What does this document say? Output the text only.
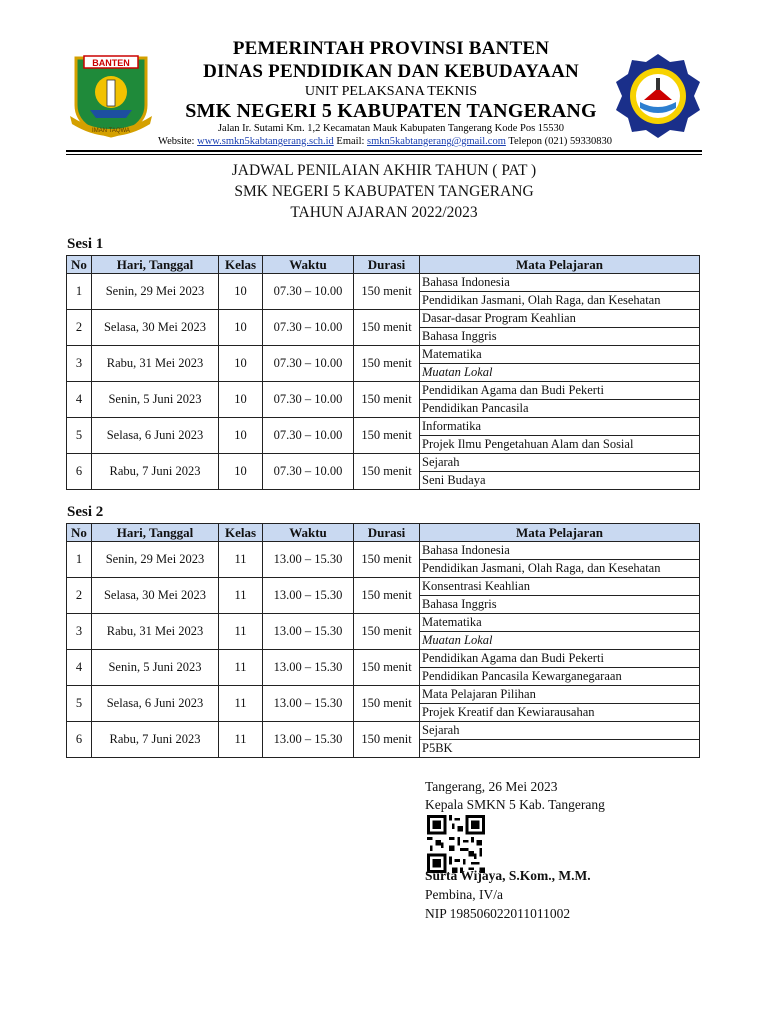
BANTEN
IMAN TAQWA
PEMERINTAH PROVINSI BANTEN
DINAS PENDIDIKAN DAN KEBUDAYAAN
UNIT PELAKSANA TEKNIS
SMK NEGERI 5 KABUPATEN TANGERANG
Jalan Ir. Sutami Km. 1,2 Kecamatan Mauk Kabupaten Tangerang Kode Pos 15530
Website: www.smkn5kabtangerang.sch.id Email: smkn5kabtangerang@gmail.com Telepon (021) 59330830
JADWAL PENILAIAN AKHIR TAHUN ( PAT )
SMK NEGERI 5 KABUPATEN TANGERANG
TAHUN AJARAN 2022/2023
Sesi 1
No	Hari, Tanggal	Kelas	Waktu	Durasi	Mata Pelajaran
1	Senin, 29 Mei 2023	10	07.30 – 10.00	150 menit	Bahasa Indonesia
					Pendidikan Jasmani, Olah Raga, dan Kesehatan
2	Selasa, 30 Mei 2023	10	07.30 – 10.00	150 menit	Dasar-dasar Program Keahlian
					Bahasa Inggris
3	Rabu, 31 Mei 2023	10	07.30 – 10.00	150 menit	Matematika
					Muatan Lokal
4	Senin, 5 Juni 2023	10	07.30 – 10.00	150 menit	Pendidikan Agama dan Budi Pekerti
					Pendidikan Pancasila
5	Selasa, 6 Juni 2023	10	07.30 – 10.00	150 menit	Informatika
					Projek Ilmu Pengetahuan Alam dan Sosial
6	Rabu, 7 Juni 2023	10	07.30 – 10.00	150 menit	Sejarah
					Seni Budaya
Sesi 2
No	Hari, Tanggal	Kelas	Waktu	Durasi	Mata Pelajaran
1	Senin, 29 Mei 2023	11	13.00 – 15.30	150 menit	Bahasa Indonesia
					Pendidikan Jasmani, Olah Raga, dan Kesehatan
2	Selasa, 30 Mei 2023	11	13.00 – 15.30	150 menit	Konsentrasi Keahlian
					Bahasa Inggris
3	Rabu, 31 Mei 2023	11	13.00 – 15.30	150 menit	Matematika
					Muatan Lokal
4	Senin, 5 Juni 2023	11	13.00 – 15.30	150 menit	Pendidikan Agama dan Budi Pekerti
					Pendidikan Pancasila Kewarganegaraan
5	Selasa, 6 Juni 2023	11	13.00 – 15.30	150 menit	Mata Pelajaran Pilihan
					Projek Kreatif dan Kewiarausahan
6	Rabu, 7 Juni 2023	11	13.00 – 15.30	150 menit	Sejarah
					P5BK
Tangerang, 26 Mei 2023
Kepala SMKN 5 Kab. Tangerang
Surta Wijaya, S.Kom., M.M.
Pembina, IV/a
NIP 198506022011011002
